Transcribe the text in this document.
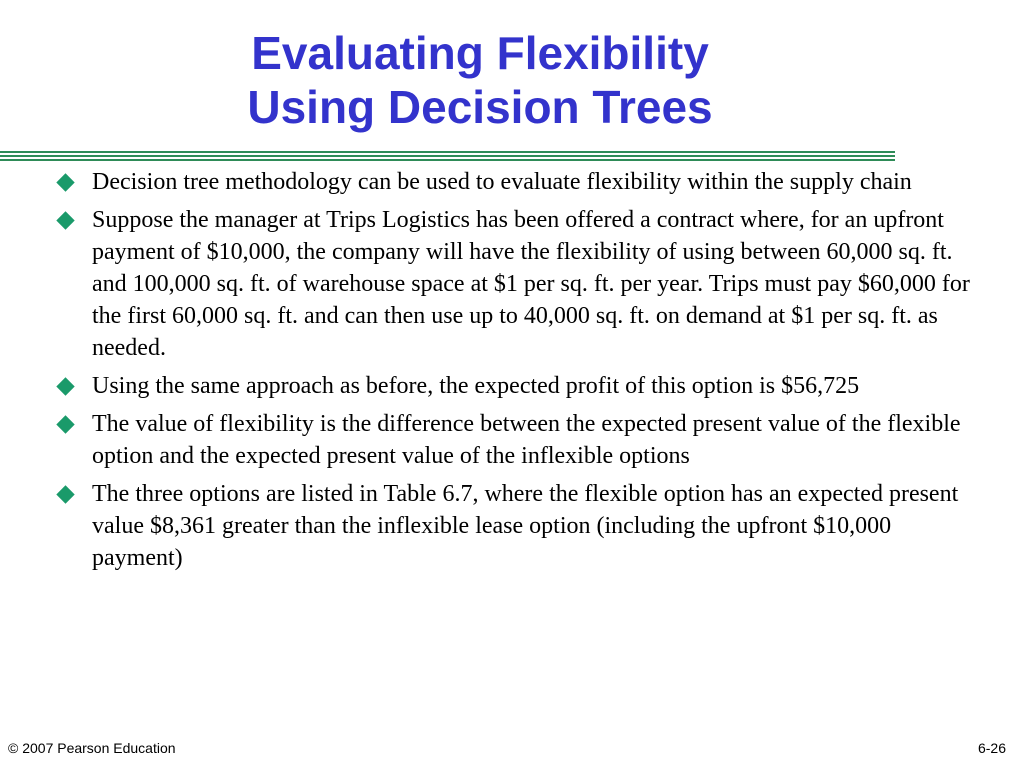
Evaluating Flexibility
Using Decision Trees
Decision tree methodology can be used to evaluate flexibility within the supply chain
Suppose the manager at Trips Logistics has been offered a contract where, for an upfront payment of $10,000, the company will have the flexibility of using between 60,000 sq. ft. and 100,000 sq. ft. of warehouse space at $1 per sq. ft. per year. Trips must pay $60,000 for the first 60,000 sq. ft. and can then use up to 40,000 sq. ft. on demand at $1 per sq. ft. as needed.
Using the same approach as before, the expected profit of this option is $56,725
The value of flexibility is the difference between the expected present value of the flexible option and the expected present value of the inflexible options
The three options are listed in Table 6.7, where the flexible option has an expected present value $8,361 greater than the inflexible lease option (including the upfront $10,000 payment)
© 2007 Pearson Education	6-26
